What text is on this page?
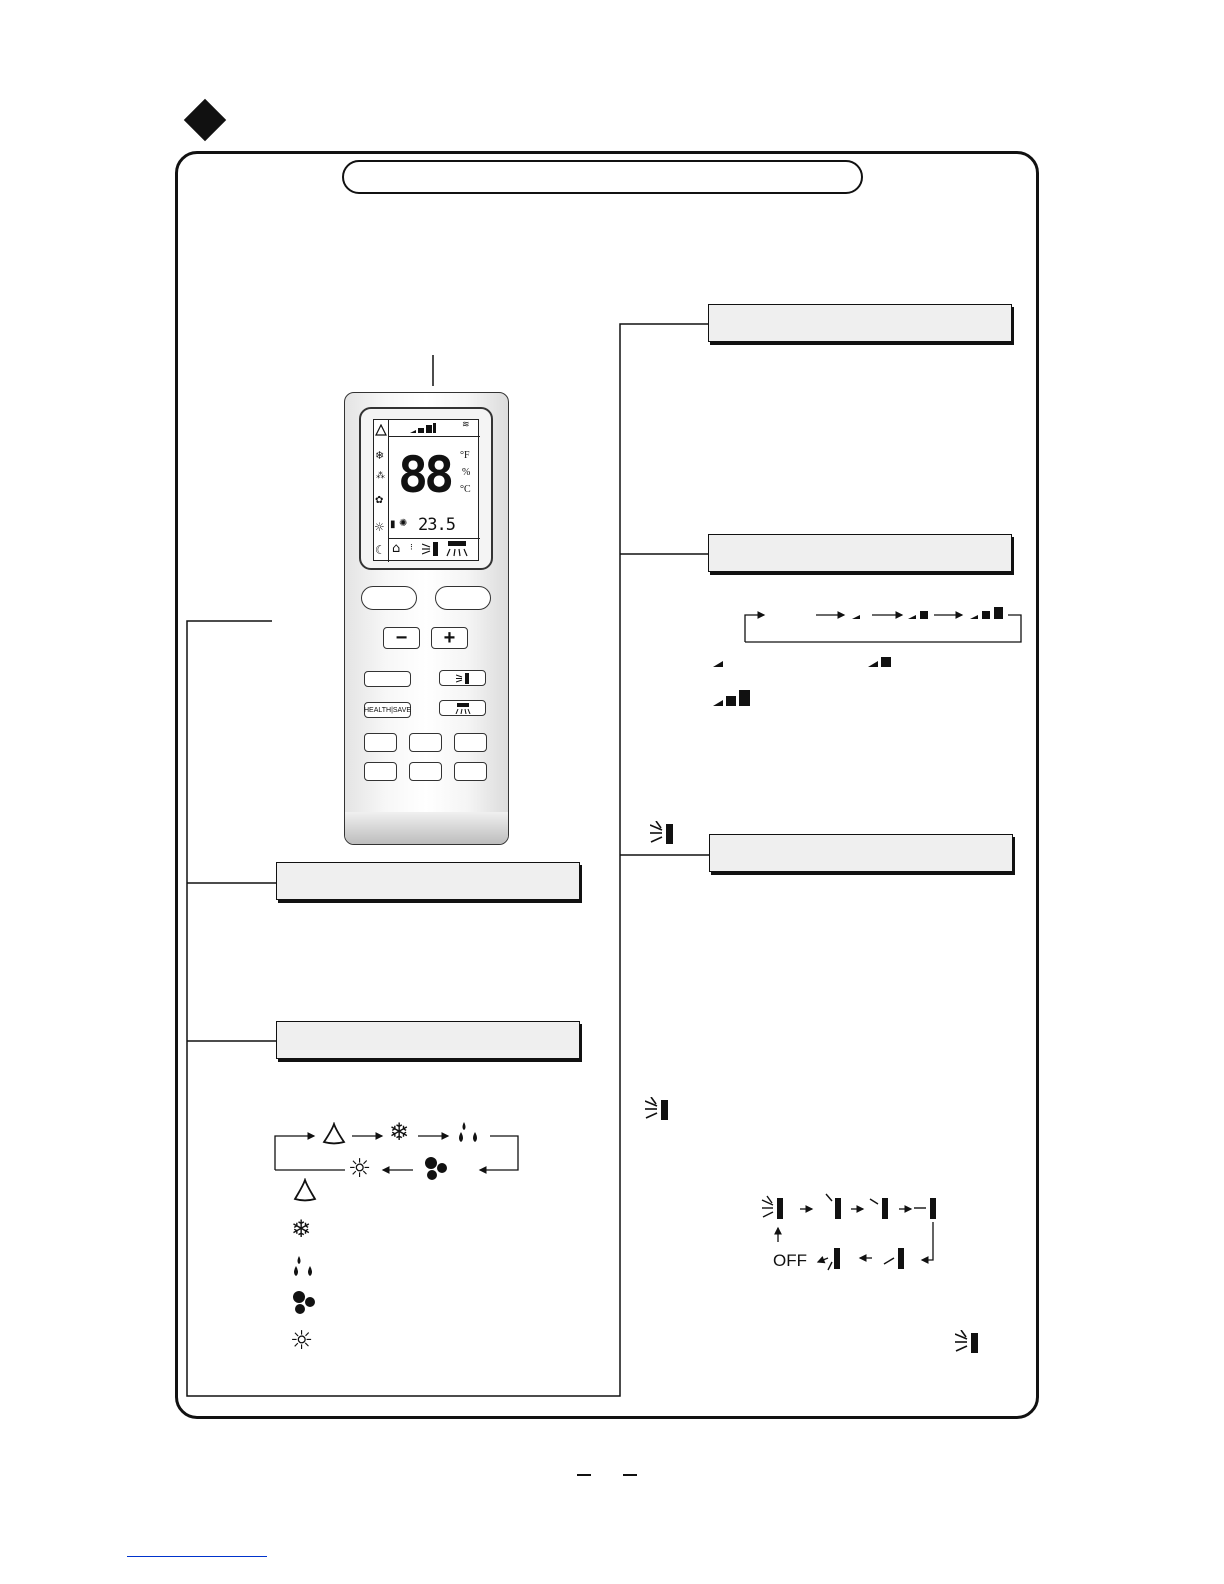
❄
⁂
✿
☼
☾
≋
88 °F
%
°C
▮ ✺ 23.5
⌂ ⁝
−	+
HEALTH|SAVE
OFF
❄
☼
❄
☼
